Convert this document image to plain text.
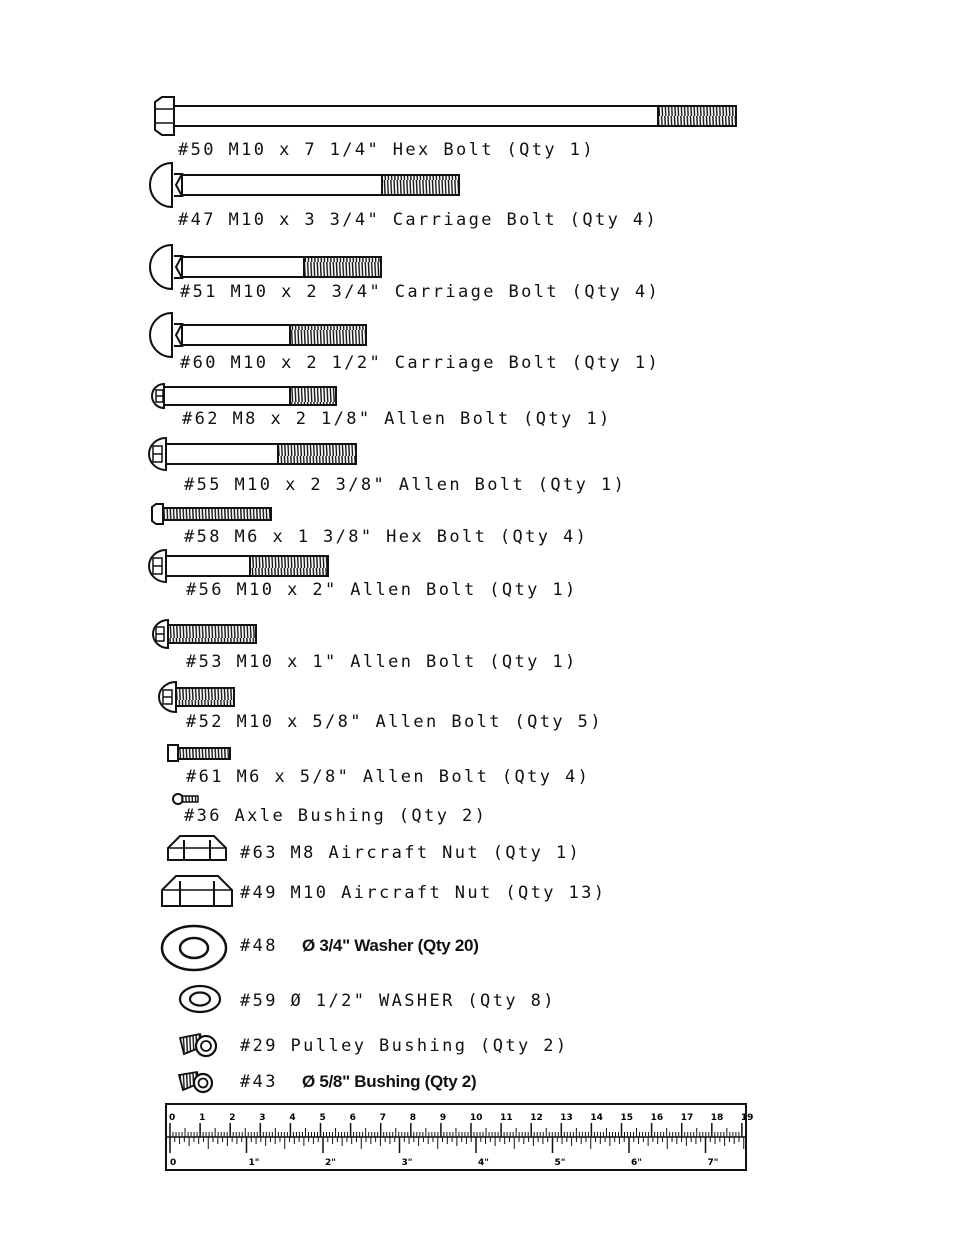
#50 M10 x 7 1/4" Hex Bolt (Qty 1)
#47 M10 x 3 3/4" Carriage Bolt (Qty 4)
#51 M10 x 2 3/4" Carriage Bolt (Qty 4)
#60 M10 x 2 1/2" Carriage Bolt (Qty 1)
#62 M8 x 2 1/8" Allen Bolt (Qty 1)
#55 M10 x 2 3/8" Allen Bolt (Qty 1)
#58 M6 x 1 3/8" Hex Bolt (Qty 4)
#56 M10 x 2" Allen Bolt (Qty 1)
#53 M10 x 1" Allen Bolt (Qty 1)
#52 M10 x 5/8" Allen Bolt (Qty 5)
#61 M6 x 5/8" Allen Bolt (Qty 4)
#36 Axle Bushing (Qty 2)
#63 M8 Aircraft Nut (Qty 1)
#49 M10 Aircraft Nut (Qty 13)
#48 Ø 3/4" Washer (Qty 20)
#59 Ø 1/2" WASHER (Qty 8)
#29 Pulley Bushing (Qty 2)
#43 Ø 5/8" Bushing (Qty 2)
0	1	2	3	4	5	6	7	8	9	10 11 12 13 14 15 16 17 18 19
0	1"	2"	3"	4"	5"	6"	7"
